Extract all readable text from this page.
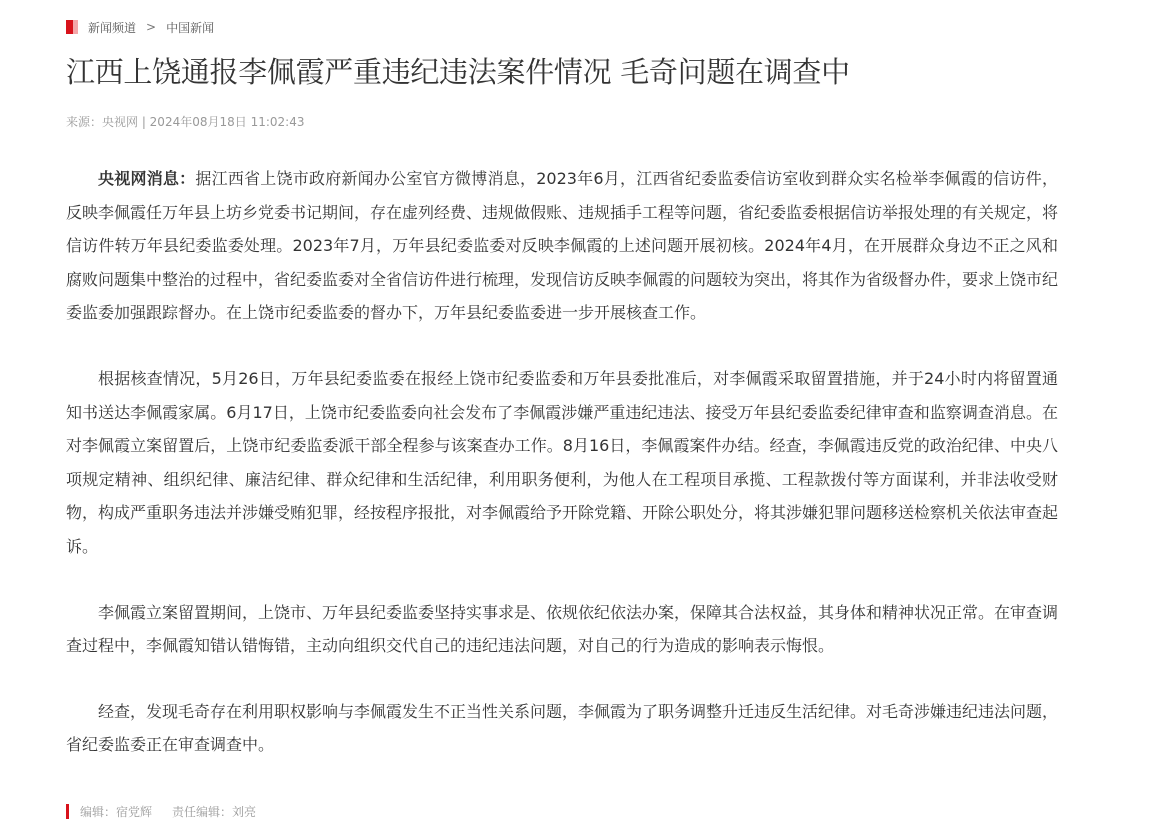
新闻频道 > 中国新闻
江西上饶通报李佩霞严重违纪违法案件情况 毛奇问题在调查中
来源：央视网 | 2024年08月18日 11:02:43

央视网消息：据江西省上饶市政府新闻办公室官方微博消息，2023年6月，江西省纪委监委信访室收到群众实名检举李佩霞的信访件，反映李佩霞任万年县上坊乡党委书记期间，存在虚列经费、违规做假账、违规插手工程等问题，省纪委监委根据信访举报处理的有关规定，将信访件转万年县纪委监委处理。2023年7月，万年县纪委监委对反映李佩霞的上述问题开展初核。2024年4月，在开展群众身边不正之风和腐败问题集中整治的过程中，省纪委监委对全省信访件进行梳理，发现信访反映李佩霞的问题较为突出，将其作为省级督办件，要求上饶市纪委监委加强跟踪督办。在上饶市纪委监委的督办下，万年县纪委监委进一步开展核查工作。

根据核查情况，5月26日，万年县纪委监委在报经上饶市纪委监委和万年县委批准后，对李佩霞采取留置措施，并于24小时内将留置通知书送达李佩霞家属。6月17日，上饶市纪委监委向社会发布了李佩霞涉嫌严重违纪违法、接受万年县纪委监委纪律审查和监察调查消息。在对李佩霞立案留置后，上饶市纪委监委派干部全程参与该案查办工作。8月16日，李佩霞案件办结。经查，李佩霞违反党的政治纪律、中央八项规定精神、组织纪律、廉洁纪律、群众纪律和生活纪律，利用职务便利，为他人在工程项目承揽、工程款拨付等方面谋利，并非法收受财物，构成严重职务违法并涉嫌受贿犯罪，经按程序报批，对李佩霞给予开除党籍、开除公职处分，将其涉嫌犯罪问题移送检察机关依法审查起诉。

李佩霞立案留置期间，上饶市、万年县纪委监委坚持实事求是、依规依纪依法办案，保障其合法权益，其身体和精神状况正常。在审查调查过程中，李佩霞知错认错悔错，主动向组织交代自己的违纪违法问题，对自己的行为造成的影响表示悔恨。

经查，发现毛奇存在利用职权影响与李佩霞发生不正当性关系问题，李佩霞为了职务调整升迁违反生活纪律。对毛奇涉嫌违纪违法问题，省纪委监委正在审查调查中。

编辑：宿党辉 责任编辑：刘亮
